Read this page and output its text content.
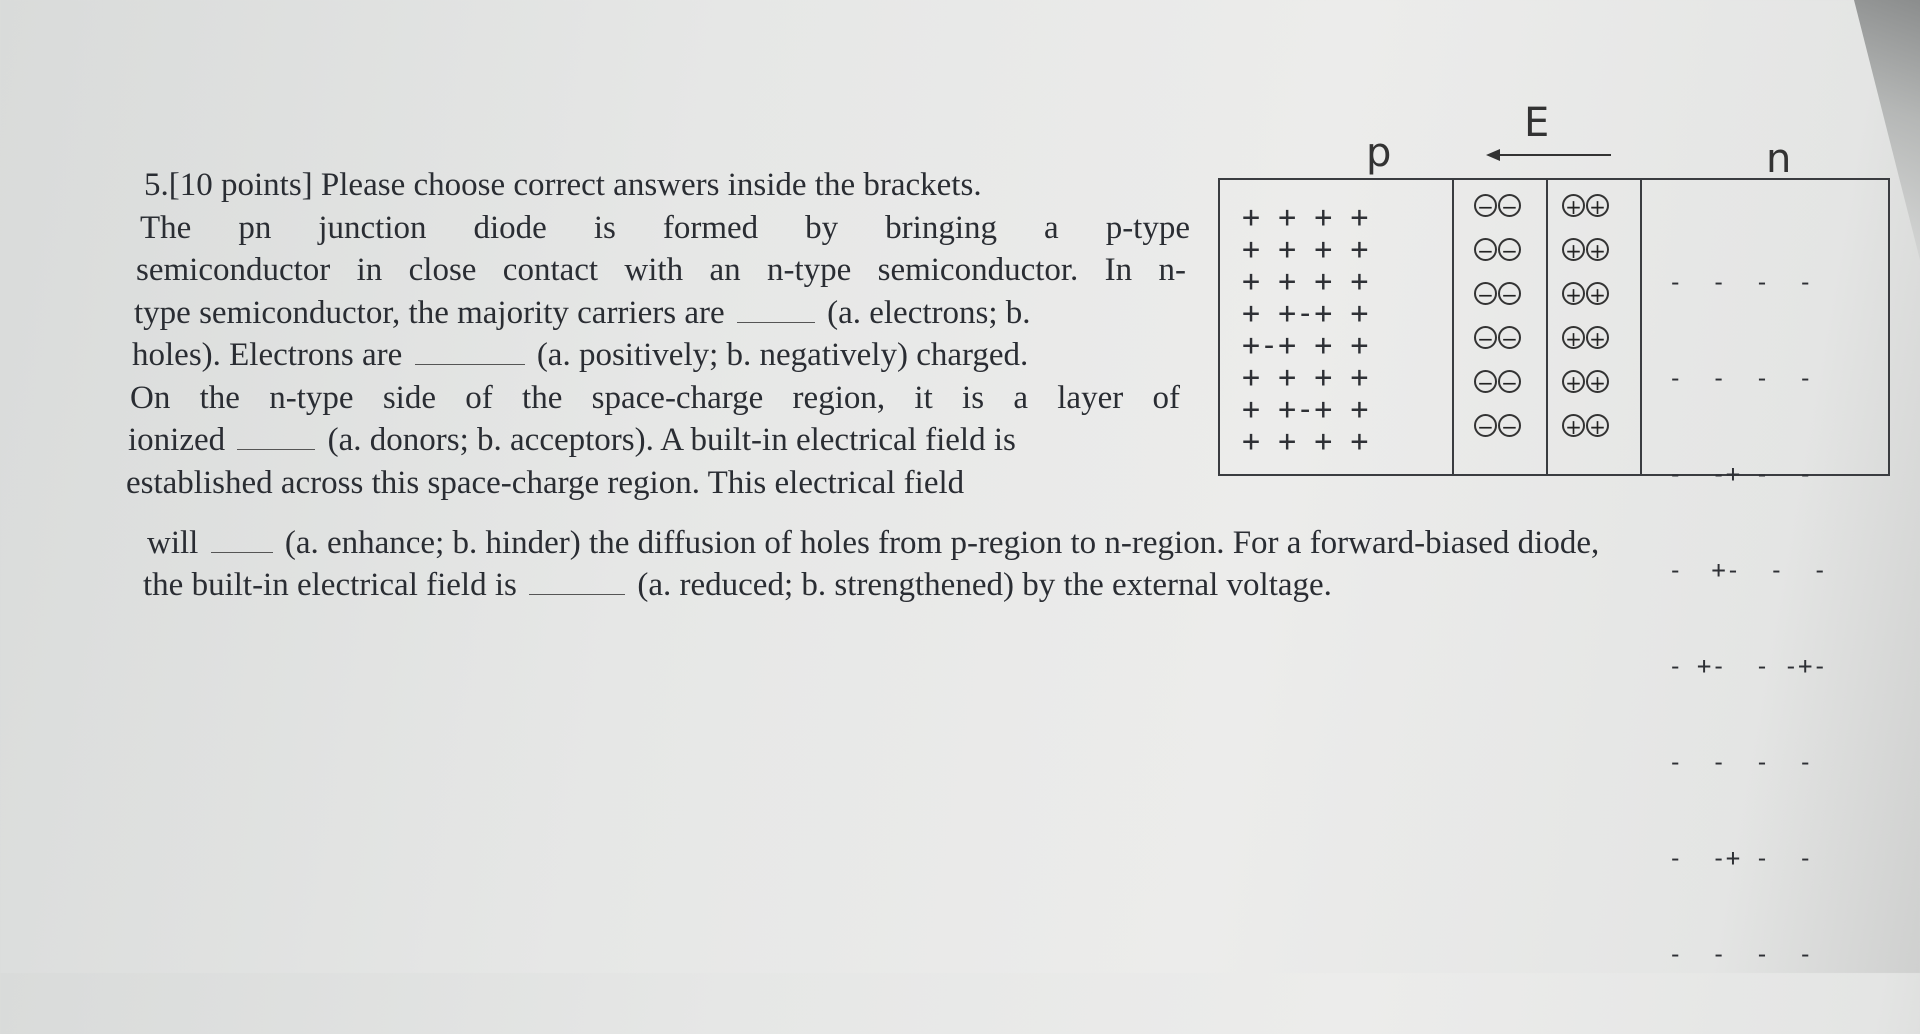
5.[10 points] Please choose correct answers inside the brackets.
The pn junction diode is formed by bringing a p-type
semiconductor in close contact with an n-type semiconductor. In n-
type semiconductor, the majority carriers are	(a. electrons; b.
holes). Electrons are	(a. positively; b. negatively) charged.
On the n-type side of the space-charge region, it is a layer of
ionized	(a. donors; b. acceptors). A built-in electrical field is
established across this space-charge region. This electrical field
will	(a. enhance; b. hinder) the diffusion of holes from p-region to n-region. For a forward-biased diode,
the built-in electrical field is	(a. reduced; b. strengthened) by the external voltage.
p
E
n
+ + + +
+ + + +
+ + + +
+ +-+ +
+-+ + +
+ + + +
+ +-+ +
+ + + +
− −
− −
− −
− −
− −
− −
+ +
+ +
+ +
+ +
+ +
+ +

-  -  -  -

-  -  -  -

-  -+ -  -

-  +-  -  -

- +-  - -+-

-  -  -  -

-  -+ -  -

-  -  -  -
